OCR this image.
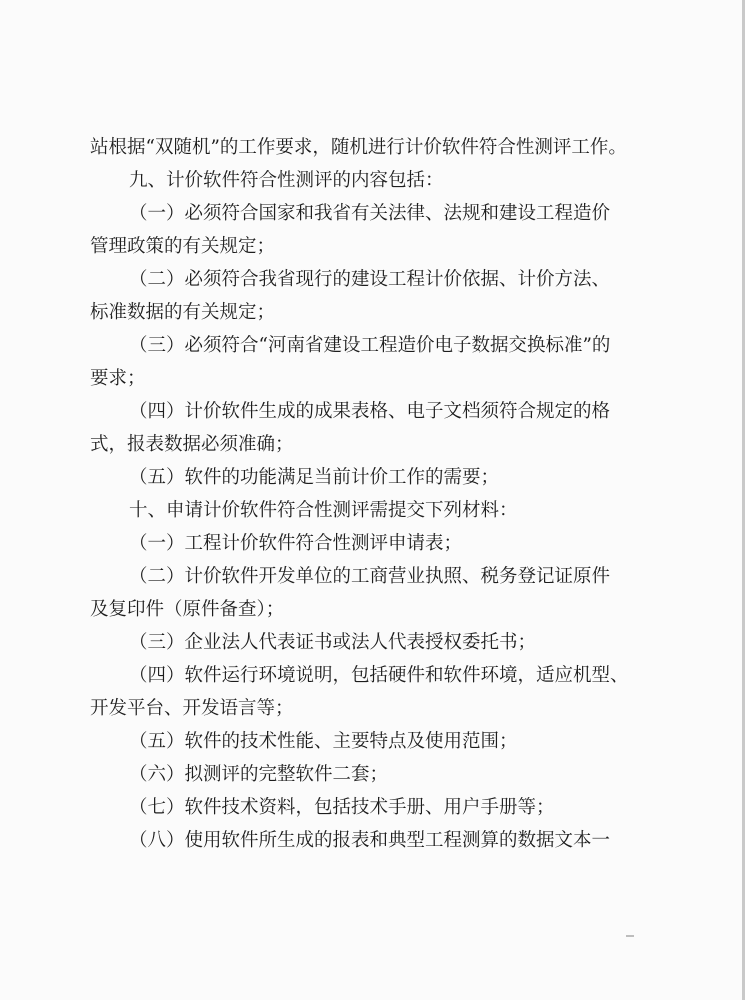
站根据“双随机”的工作要求，随机进行计价软件符合性测评工作。

九、计价软件符合性测评的内容包括：

（一）必须符合国家和我省有关法律、法规和建设工程造价

管理政策的有关规定；

（二）必须符合我省现行的建设工程计价依据、计价方法、

标准数据的有关规定；

（三）必须符合“河南省建设工程造价电子数据交换标准”的

要求；

（四）计价软件生成的成果表格、电子文档须符合规定的格

式，报表数据必须准确；

（五）软件的功能满足当前计价工作的需要；

十、申请计价软件符合性测评需提交下列材料：

（一）工程计价软件符合性测评申请表；

（二）计价软件开发单位的工商营业执照、税务登记证原件

及复印件（原件备查）；

（三）企业法人代表证书或法人代表授权委托书；

（四）软件运行环境说明，包括硬件和软件环境，适应机型、

开发平台、开发语言等；

（五）软件的技术性能、主要特点及使用范围；

（六）拟测评的完整软件二套；

（七）软件技术资料，包括技术手册、用户手册等；

（八）使用软件所生成的报表和典型工程测算的数据文本一
